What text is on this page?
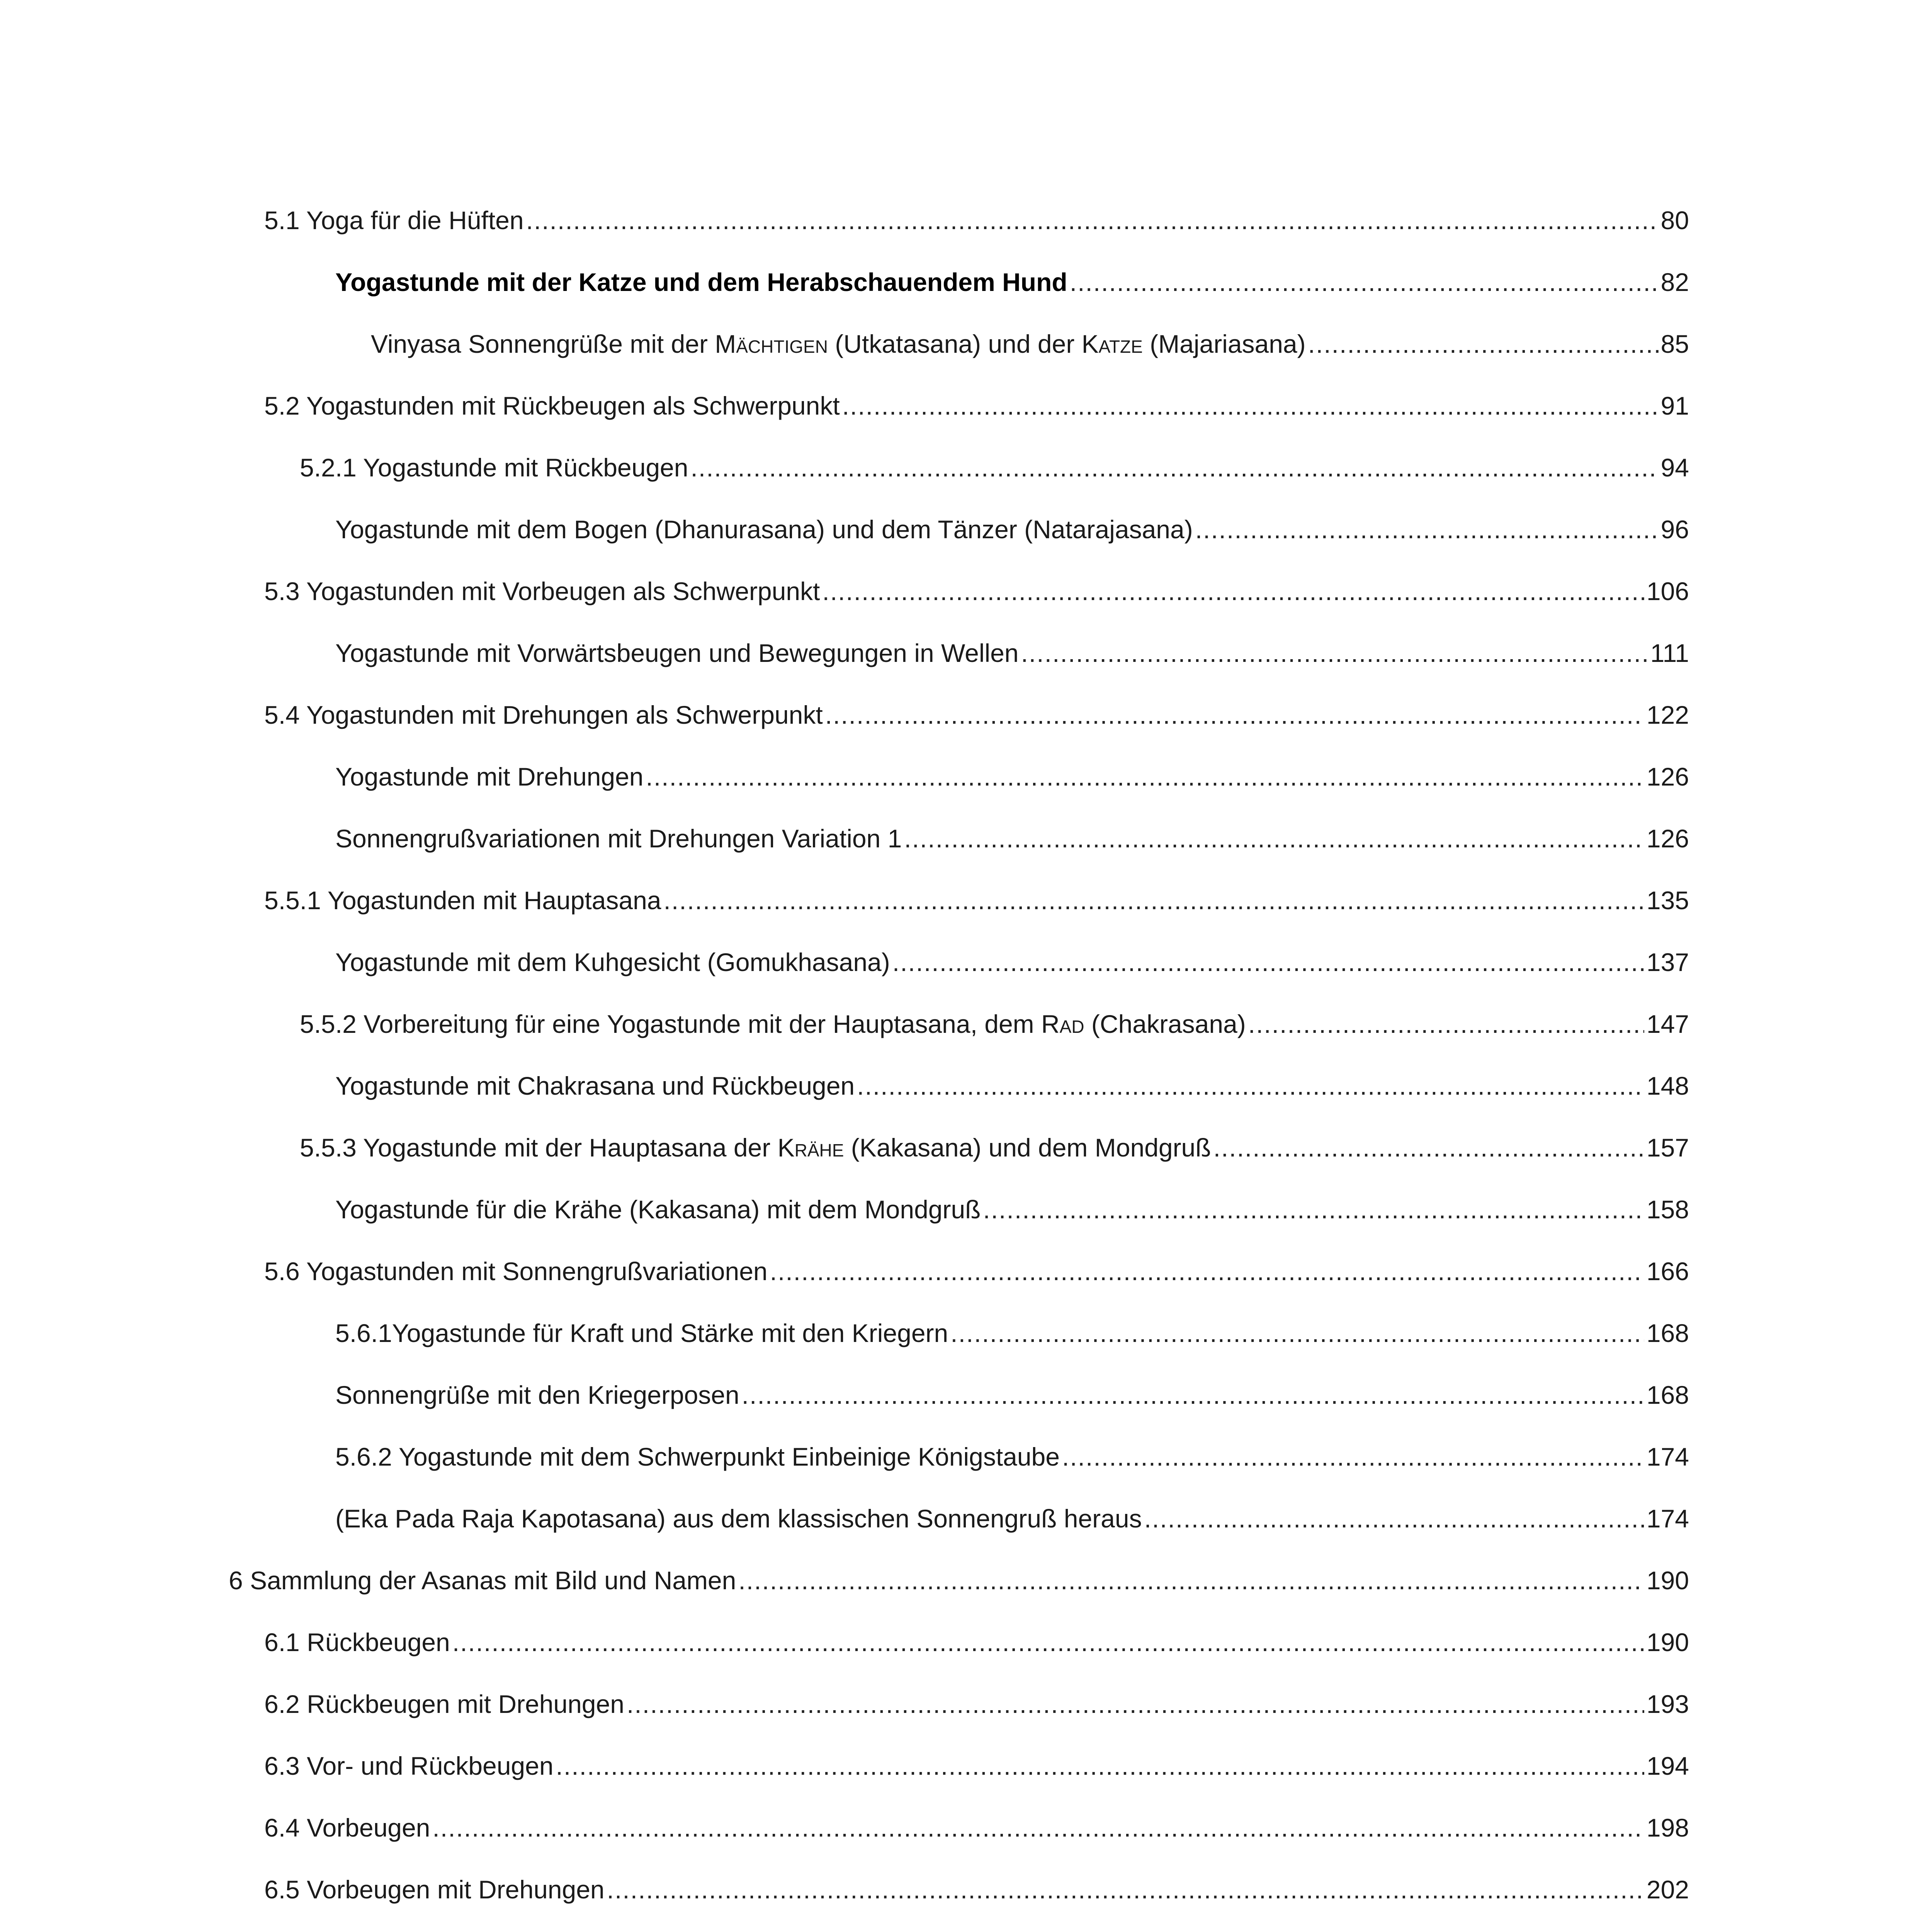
5.1 Yoga für die Hüften .....	80
Yogastunde mit der Katze und dem Herabschauendem Hund .....	82
Vinyasa Sonnengrüße mit der Mächtigen (Utkatasana) und der Katze (Majariasana) .....	85
5.2 Yogastunden mit Rückbeugen als Schwerpunkt .....	91
5.2.1 Yogastunde mit Rückbeugen .....	94
Yogastunde mit dem Bogen (Dhanurasana) und dem Tänzer (Natarajasana) .....	96
5.3 Yogastunden mit Vorbeugen als Schwerpunkt .....	106
Yogastunde mit Vorwärtsbeugen und Bewegungen in Wellen .....	111
5.4 Yogastunden mit Drehungen als Schwerpunkt .....	122
Yogastunde mit Drehungen .....	126
Sonnengrußvariationen mit Drehungen Variation 1 .....	126
5.5.1 Yogastunden mit Hauptasana .....	135
Yogastunde mit dem Kuhgesicht (Gomukhasana) .....	137
5.5.2 Vorbereitung für eine Yogastunde mit der Hauptasana, dem Rad (Chakrasana) .....	147
Yogastunde mit Chakrasana und Rückbeugen .....	148
5.5.3 Yogastunde mit der Hauptasana der Krähe (Kakasana) und dem Mondgruß .....	157
Yogastunde für die Krähe (Kakasana) mit dem Mondgruß .....	158
5.6 Yogastunden mit Sonnengrußvariationen .....	166
5.6.1Yogastunde für Kraft und Stärke mit den Kriegern .....	168
Sonnengrüße mit den Kriegerposen .....	168
5.6.2 Yogastunde mit dem Schwerpunkt Einbeinige Königstaube .....	174
(Eka Pada Raja Kapotasana) aus dem klassischen Sonnengruß heraus .....	174
6 Sammlung der Asanas mit Bild und Namen .....	190
6.1 Rückbeugen .....	190
6.2 Rückbeugen mit Drehungen .....	193
6.3 Vor- und Rückbeugen .....	194
6.4 Vorbeugen .....	198
6.5 Vorbeugen mit Drehungen .....	202
.....
